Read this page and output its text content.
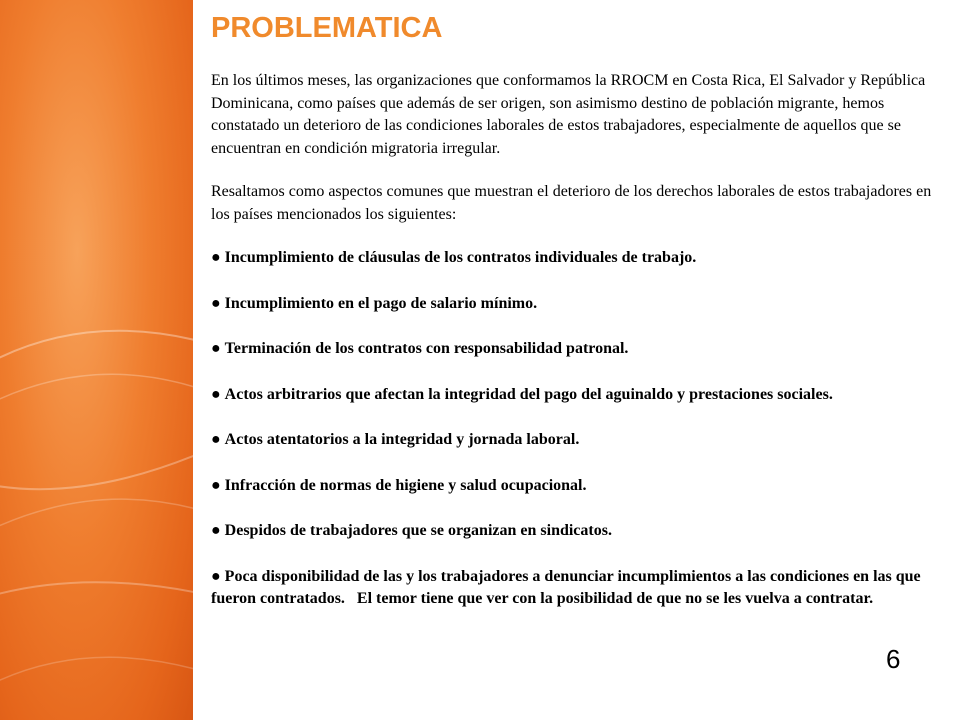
PROBLEMATICA

En los últimos meses, las organizaciones que conformamos la RROCM en Costa Rica, El Salvador y República Dominicana, como países que además de ser origen, son asimismo destino de población migrante, hemos constatado un deterioro de las condiciones laborales de estos trabajadores, especialmente de aquellos que se encuentran en condición migratoria irregular.

Resaltamos como aspectos comunes que muestran el deterioro de los derechos laborales de estos trabajadores en los países mencionados los siguientes:

● Incumplimiento de cláusulas de los contratos individuales de trabajo.

● Incumplimiento en el pago de salario mínimo.

● Terminación de los contratos con responsabilidad patronal.

● Actos arbitrarios que afectan la integridad del pago del aguinaldo y prestaciones sociales.

● Actos atentatorios a la integridad y jornada laboral.

● Infracción de normas de higiene y salud ocupacional.

● Despidos de trabajadores que se organizan en sindicatos.

● Poca disponibilidad de las y los trabajadores a denunciar incumplimientos a las condiciones en las que fueron contratados.   El temor tiene que ver con la posibilidad de que no se les vuelva a contratar.

6
